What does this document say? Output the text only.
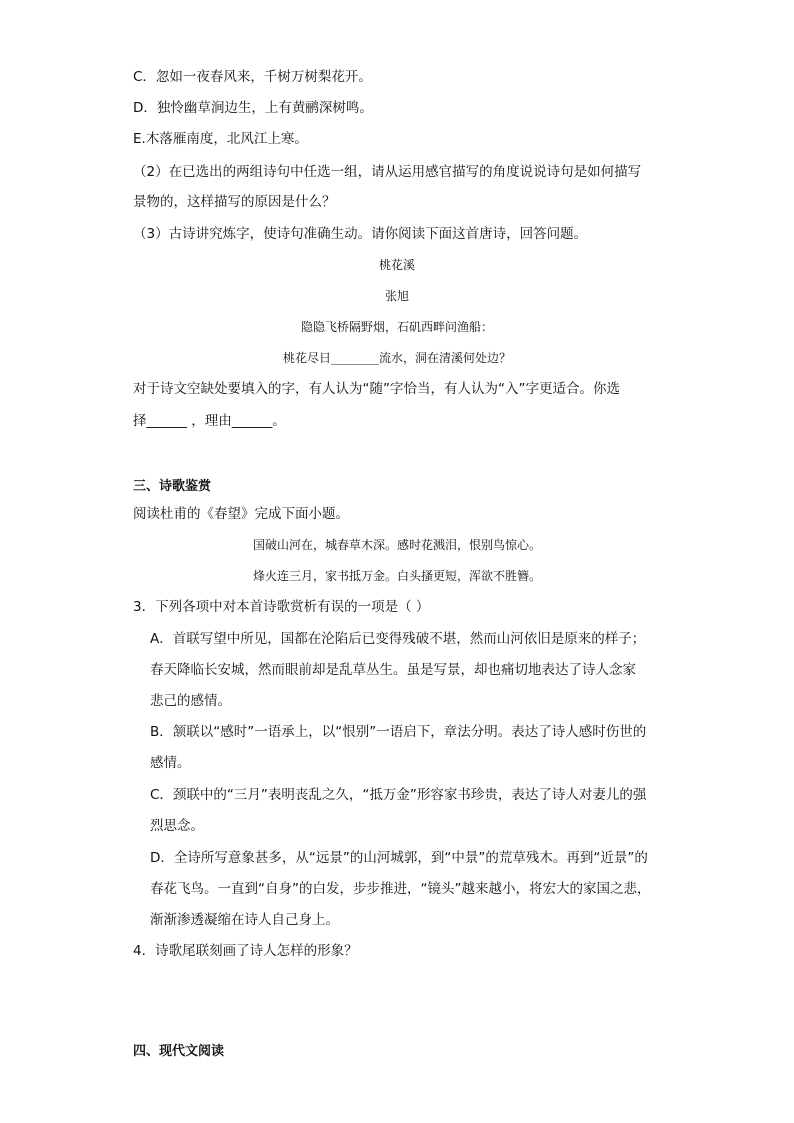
C．忽如一夜春风来，千树万树梨花开。
D．独怜幽草涧边生，上有黄鹂深树鸣。
E.木落雁南度，北风江上寒。
（2）在已选出的两组诗句中任选一组，请从运用感官描写的角度说说诗句是如何描写
景物的，这样描写的原因是什么？
（3）古诗讲究炼字，使诗句准确生动。请你阅读下面这首唐诗，回答问题。
桃花溪
张旭
隐隐飞桥隔野烟，石矶西畔问渔船：
桃花尽日________流水，洞在清溪何处边？
对于诗文空缺处要填入的字，有人认为“随”字恰当，有人认为“入”字更适合。你选
择______ ，理由______。
三、诗歌鉴赏
阅读杜甫的《春望》完成下面小题。
国破山河在，城春草木深。感时花溅泪，恨别鸟惊心。
烽火连三月，家书抵万金。白头搔更短，浑欲不胜簪。
3．下列各项中对本首诗歌赏析有误的一项是（ ）
A．首联写望中所见，国都在沦陷后已变得残破不堪，然而山河依旧是原来的样子；
春天降临长安城，然而眼前却是乱草丛生。虽是写景，却也痛切地表达了诗人念家
悲己的感情。
B．颔联以“感时”一语承上，以“恨别”一语启下，章法分明。表达了诗人感时伤世的
感情。
C．颈联中的“三月”表明丧乱之久，“抵万金”形容家书珍贵，表达了诗人对妻儿的强
烈思念。
D．全诗所写意象甚多，从“远景”的山河城郭，到“中景”的荒草残木。再到“近景”的
春花飞鸟。一直到“自身”的白发，步步推进，“镜头”越来越小，将宏大的家国之悲，
渐渐渗透凝缩在诗人自己身上。
4．诗歌尾联刻画了诗人怎样的形象？
四、现代文阅读
